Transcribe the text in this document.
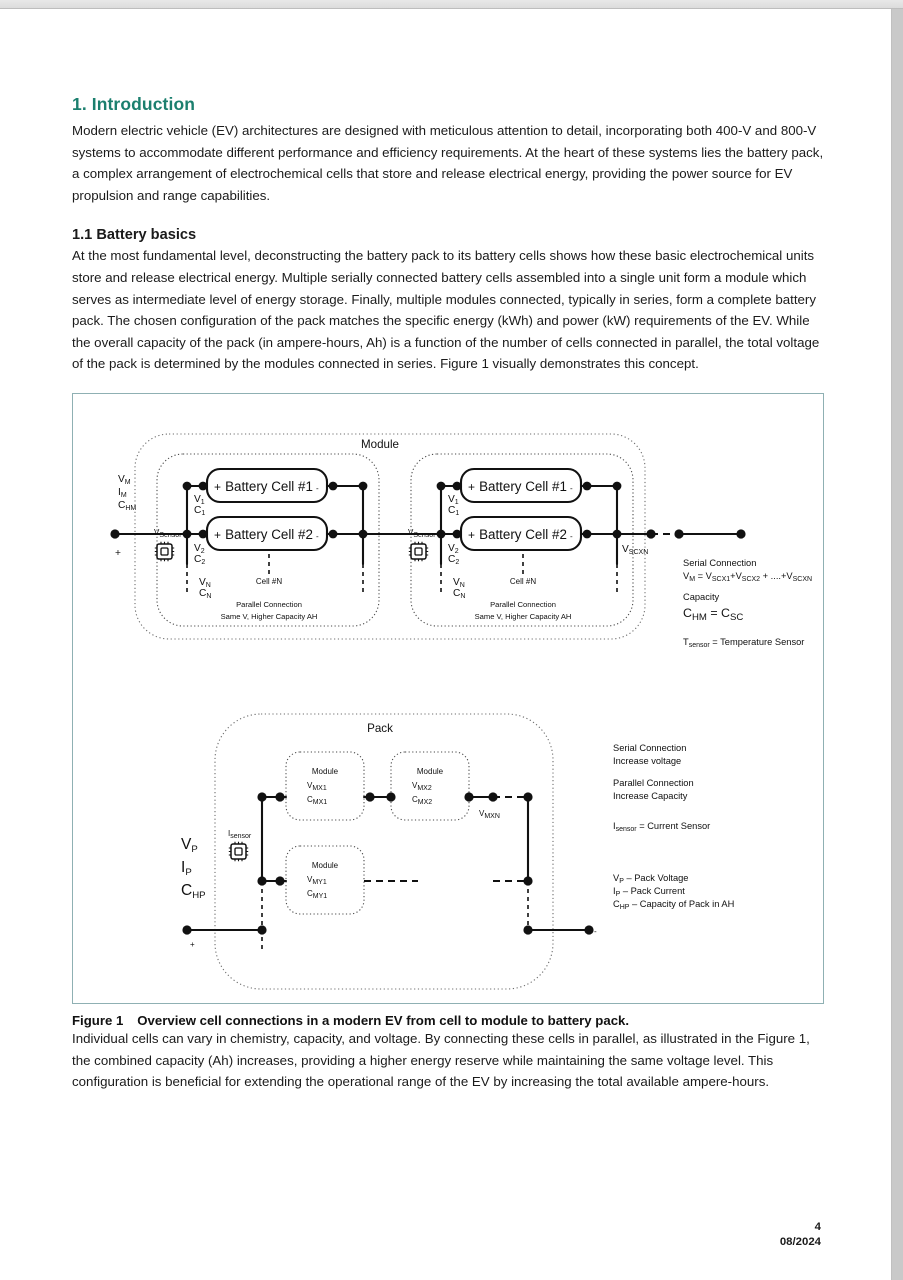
1. Introduction

Modern electric vehicle (EV) architectures are designed with meticulous attention to detail, incorporating both 400-V and 800-V systems to accommodate different performance and efficiency requirements. At the heart of these systems lies the battery pack, a complex arrangement of electrochemical cells that store and release electrical energy, providing the power source for EV propulsion and range capabilities.

1.1 Battery basics

At the most fundamental level, deconstructing the battery pack to its battery cells shows how these basic electrochemical units store and release electrical energy. Multiple serially connected battery cells assembled into a single unit form a module which serves as intermediate level of energy storage. Finally, multiple modules connected, typically in series, form a complete battery pack. The chosen configuration of the pack matches the specific energy (kWh) and power (kW) requirements of the EV. While the overall capacity of the pack (in ampere-hours, Ah) is a function of the number of cells connected in parallel, the total voltage of the pack is determined by the modules connected in series. Figure 1 visually demonstrates this concept.

Module
+ Battery Cell #1 -
+ Battery Cell #2 -
V1
C1
V2
C2
VN
CN
Cell #N
Parallel Connection
Same V, Higher Capacity AH
+ Battery Cell #1 -
+ Battery Cell #2 -
V1
C1
V2
C2
VN
CN
Cell #N
Parallel Connection
Same V, Higher Capacity AH
VSCXN
VM
IM
CHM
+
VSensor	VSensor
Serial Connection
$V_M = V_{SCX1}+V_{SCX2} + ....+V_{SCXN}$
Capacity
$C_{HM} = C_{SC}$
$T_{sensor}$ = Temperature Sensor
Pack
Module
VMX1
CMX1
Module
VMX2
CMX2
Module
VMY1
CMY1
VMXN
-
+
VP
IP
CHP
Isensor
Serial Connection
Increase voltage
Parallel Connection
Increase Capacity
$I_{sensor}$ = Current Sensor
$V_P$ – Pack Voltage
$I_P$ – Pack Current
$C_{HP}$ – Capacity of Pack in AH
Figure 1 Overview cell connections in a modern EV from cell to module to battery pack.

Individual cells can vary in chemistry, capacity, and voltage. By connecting these cells in parallel, as illustrated in the Figure 1, the combined capacity (Ah) increases, providing a higher energy reserve while maintaining the same voltage level. This configuration is beneficial for extending the operational range of the EV by increasing the total available ampere-hours.

4
08/2024
